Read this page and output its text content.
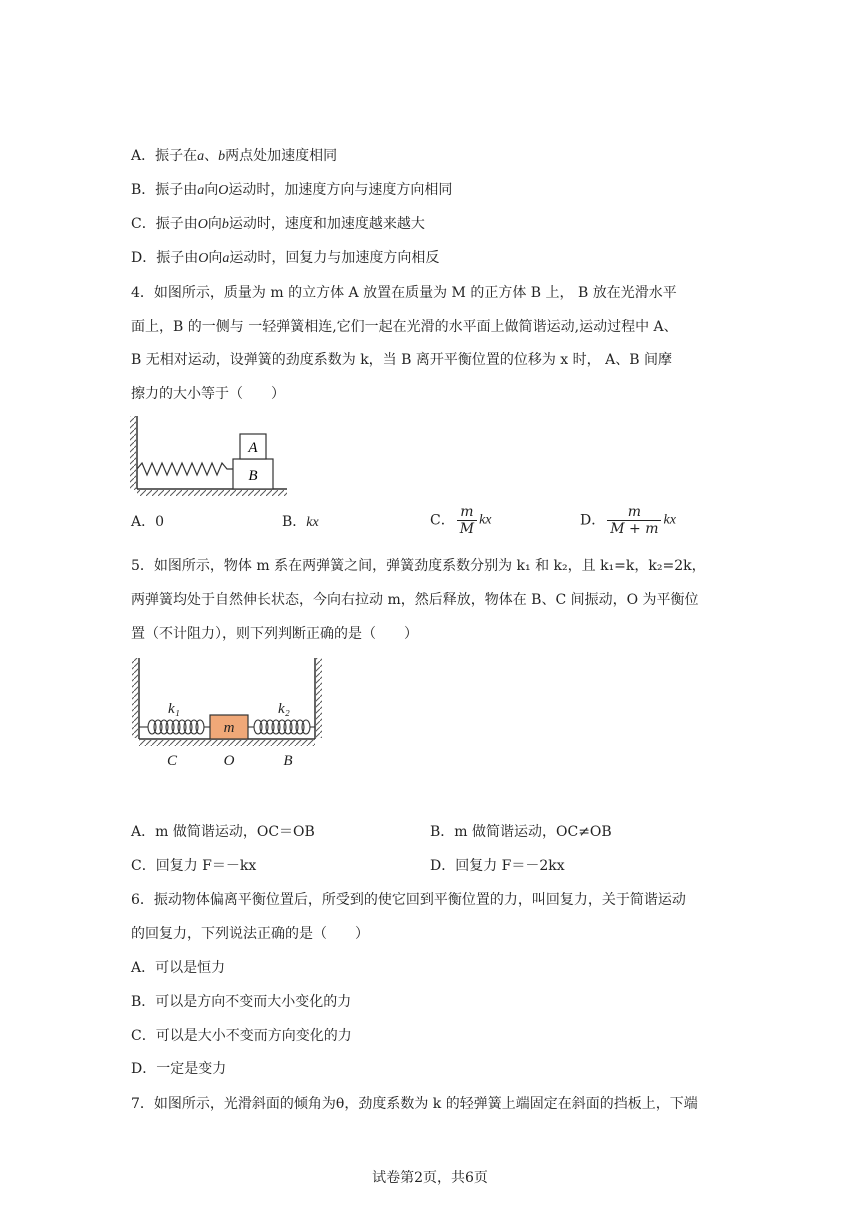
A．振子在a、b两点处加速度相同
B．振子由a向O运动时，加速度方向与速度方向相同
C．振子由O向b运动时，速度和加速度越来越大
D．振子由O向a运动时，回复力与加速度方向相反
4．如图所示，质量为 m 的立方体 A 放置在质量为 M 的正方体 B 上， B 放在光滑水平
面上，B 的一侧与 一轻弹簧相连,它们一起在光滑的水平面上做简谐运动,运动过程中 A、
B 无相对运动，设弹簧的劲度系数为 k，当 B 离开平衡位置的位移为 x 时， A、B 间摩
擦力的大小等于（　　）
A
B
A．0	B．kx	C． $\frac{m}{M}$ kx	D． $\frac{m}{M + m}$ kx
5．如图所示，物体 m 系在两弹簧之间，弹簧劲度系数分别为 k₁ 和 k₂，且 k₁=k，k₂=2k，
两弹簧均处于自然伸长状态，今向右拉动 m，然后释放，物体在 B、C 间振动，O 为平衡位
置（不计阻力），则下列判断正确的是（　　）
k₁	k₂
m
C	O	B
A．m 做简谐运动，OC＝OB	B．m 做简谐运动，OC≠OB
C．回复力 F＝－kx	D．回复力 F＝－2kx
6．振动物体偏离平衡位置后，所受到的使它回到平衡位置的力，叫回复力，关于简谐运动
的回复力，下列说法正确的是（　　）
A．可以是恒力
B．可以是方向不变而大小变化的力
C．可以是大小不变而方向变化的力
D．一定是变力
7．如图所示，光滑斜面的倾角为θ，劲度系数为 k 的轻弹簧上端固定在斜面的挡板上，下端
试卷第2页，共6页
